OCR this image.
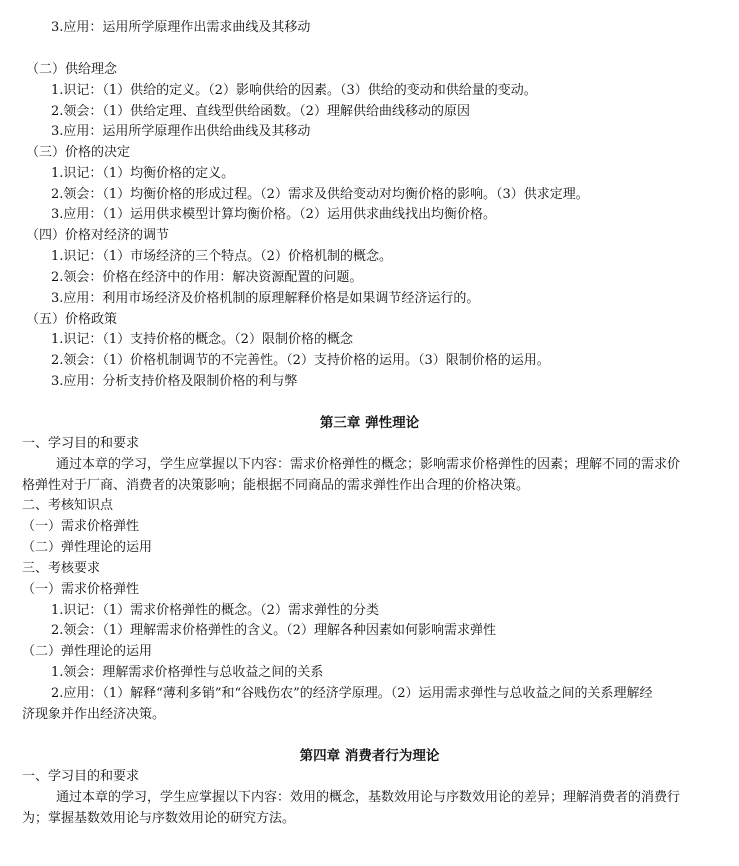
3.应用：运用所学原理作出需求曲线及其移动
（二）供给理念
1.识记：（1）供给的定义。（2）影响供给的因素。（3）供给的变动和供给量的变动。
2.领会：（1）供给定理、直线型供给函数。（2）理解供给曲线移动的原因
3.应用：运用所学原理作出供给曲线及其移动
（三）价格的决定
1.识记：（1）均衡价格的定义。
2.领会：（1）均衡价格的形成过程。（2）需求及供给变动对均衡价格的影响。（3）供求定理。
3.应用：（1）运用供求模型计算均衡价格。（2）运用供求曲线找出均衡价格。
（四）价格对经济的调节
1.识记：（1）市场经济的三个特点。（2）价格机制的概念。
2.领会：价格在经济中的作用：解决资源配置的问题。
3.应用：利用市场经济及价格机制的原理解释价格是如果调节经济运行的。
（五）价格政策
1.识记：（1）支持价格的概念。（2）限制价格的概念
2.领会：（1）价格机制调节的不完善性。（2）支持价格的运用。（3）限制价格的运用。
3.应用：分析支持价格及限制价格的利与弊
第三章 弹性理论
一、学习目的和要求
通过本章的学习，学生应掌握以下内容：需求价格弹性的概念；影响需求价格弹性的因素；理解不同的需求价
格弹性对于厂商、消费者的决策影响；能根据不同商品的需求弹性作出合理的价格决策。
二、考核知识点
（一）需求价格弹性
（二）弹性理论的运用
三、考核要求
（一）需求价格弹性
1.识记：（1）需求价格弹性的概念。（2）需求弹性的分类
2.领会：（1）理解需求价格弹性的含义。（2）理解各种因素如何影响需求弹性
（二）弹性理论的运用
1.领会：理解需求价格弹性与总收益之间的关系
2.应用：（1）解释“薄利多销”和“谷贱伤农”的经济学原理。（2）运用需求弹性与总收益之间的关系理解经
济现象并作出经济决策。
第四章 消费者行为理论
一、学习目的和要求
通过本章的学习，学生应掌握以下内容：效用的概念，基数效用论与序数效用论的差异；理解消费者的消费行
为；掌握基数效用论与序数效用论的研究方法。
